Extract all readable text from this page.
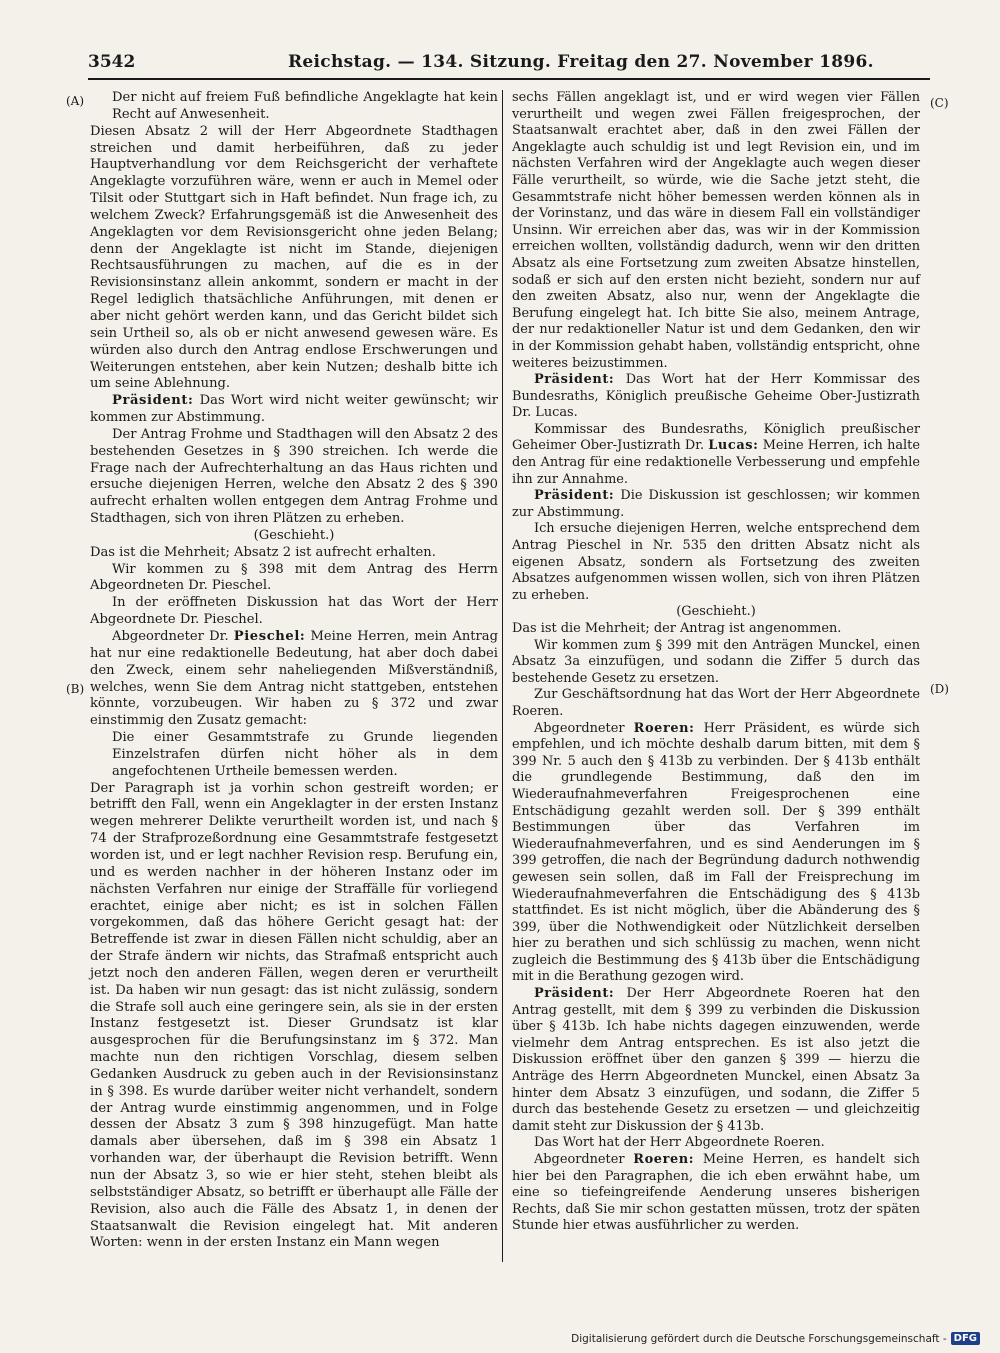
3542	Reichstag. — 134. Sitzung. Freitag den 27. November 1896.
(A)
(B)
(C)
(D)

Der nicht auf freiem Fuß befindliche Angeklagte hat kein Recht auf Anwesenheit.

Diesen Absatz 2 will der Herr Abgeordnete Stadthagen streichen und damit herbeiführen, daß zu jeder Hauptverhandlung vor dem Reichsgericht der verhaftete Angeklagte vorzuführen wäre, wenn er auch in Memel oder Tilsit oder Stuttgart sich in Haft befindet. Nun frage ich, zu welchem Zweck? Erfahrungsgemäß ist die Anwesenheit des Angeklagten vor dem Revisionsgericht ohne jeden Belang; denn der Angeklagte ist nicht im Stande, diejenigen Rechtsausführungen zu machen, auf die es in der Revisionsinstanz allein ankommt, sondern er macht in der Regel lediglich thatsächliche Anführungen, mit denen er aber nicht gehört werden kann, und das Gericht bildet sich sein Urtheil so, als ob er nicht anwesend gewesen wäre. Es würden also durch den Antrag endlose Erschwerungen und Weiterungen entstehen, aber kein Nutzen; deshalb bitte ich um seine Ablehnung.

Präsident: Das Wort wird nicht weiter gewünscht; wir kommen zur Abstimmung.

Der Antrag Frohme und Stadthagen will den Absatz 2 des bestehenden Gesetzes in § 390 streichen. Ich werde die Frage nach der Aufrechterhaltung an das Haus richten und ersuche diejenigen Herren, welche den Absatz 2 des § 390 aufrecht erhalten wollen entgegen dem Antrag Frohme und Stadthagen, sich von ihren Plätzen zu erheben.

(Geschieht.)

Das ist die Mehrheit; Absatz 2 ist aufrecht erhalten.

Wir kommen zu § 398 mit dem Antrag des Herrn Abgeordneten Dr. Pieschel.

In der eröffneten Diskussion hat das Wort der Herr Abgeordnete Dr. Pieschel.

Abgeordneter Dr. Pieschel: Meine Herren, mein Antrag hat nur eine redaktionelle Bedeutung, hat aber doch dabei den Zweck, einem sehr naheliegenden Mißverständniß, welches, wenn Sie dem Antrag nicht stattgeben, entstehen könnte, vorzubeugen. Wir haben zu § 372 und zwar einstimmig den Zusatz gemacht:

Die einer Gesammtstrafe zu Grunde liegenden Einzelstrafen dürfen nicht höher als in dem angefochtenen Urtheile bemessen werden.

Der Paragraph ist ja vorhin schon gestreift worden; er betrifft den Fall, wenn ein Angeklagter in der ersten Instanz wegen mehrerer Delikte verurtheilt worden ist, und nach § 74 der Strafprozeßordnung eine Gesammtstrafe festgesetzt worden ist, und er legt nachher Revision resp. Berufung ein, und es werden nachher in der höheren Instanz oder im nächsten Verfahren nur einige der Straffälle für vorliegend erachtet, einige aber nicht; es ist in solchen Fällen vorgekommen, daß das höhere Gericht gesagt hat: der Betreffende ist zwar in diesen Fällen nicht schuldig, aber an der Strafe ändern wir nichts, das Strafmaß entspricht auch jetzt noch den anderen Fällen, wegen deren er verurtheilt ist. Da haben wir nun gesagt: das ist nicht zulässig, sondern die Strafe soll auch eine geringere sein, als sie in der ersten Instanz festgesetzt ist. Dieser Grundsatz ist klar ausgesprochen für die Berufungsinstanz im § 372. Man machte nun den richtigen Vorschlag, diesem selben Gedanken Ausdruck zu geben auch in der Revisionsinstanz in § 398. Es wurde darüber weiter nicht verhandelt, sondern der Antrag wurde einstimmig angenommen, und in Folge dessen der Absatz 3 zum § 398 hinzugefügt. Man hatte damals aber übersehen, daß im § 398 ein Absatz 1 vorhanden war, der überhaupt die Revision betrifft. Wenn nun der Absatz 3, so wie er hier steht, stehen bleibt als selbstständiger Absatz, so betrifft er überhaupt alle Fälle der Revision, also auch die Fälle des Absatz 1, in denen der Staatsanwalt die Revision eingelegt hat. Mit anderen Worten: wenn in der ersten Instanz ein Mann wegen

sechs Fällen angeklagt ist, und er wird wegen vier Fällen verurtheilt und wegen zwei Fällen freigesprochen, der Staatsanwalt erachtet aber, daß in den zwei Fällen der Angeklagte auch schuldig ist und legt Revision ein, und im nächsten Verfahren wird der Angeklagte auch wegen dieser Fälle verurtheilt, so würde, wie die Sache jetzt steht, die Gesammtstrafe nicht höher bemessen werden können als in der Vorinstanz, und das wäre in diesem Fall ein vollständiger Unsinn. Wir erreichen aber das, was wir in der Kommission erreichen wollten, vollständig dadurch, wenn wir den dritten Absatz als eine Fortsetzung zum zweiten Absatze hinstellen, sodaß er sich auf den ersten nicht bezieht, sondern nur auf den zweiten Absatz, also nur, wenn der Angeklagte die Berufung eingelegt hat. Ich bitte Sie also, meinem Antrage, der nur redaktioneller Natur ist und dem Gedanken, den wir in der Kommission gehabt haben, vollständig entspricht, ohne weiteres beizustimmen.

Präsident: Das Wort hat der Herr Kommissar des Bundesraths, Königlich preußische Geheime Ober-Justizrath Dr. Lucas.

Kommissar des Bundesraths, Königlich preußischer Geheimer Ober-Justizrath Dr. Lucas: Meine Herren, ich halte den Antrag für eine redaktionelle Verbesserung und empfehle ihn zur Annahme.

Präsident: Die Diskussion ist geschlossen; wir kommen zur Abstimmung.

Ich ersuche diejenigen Herren, welche entsprechend dem Antrag Pieschel in Nr. 535 den dritten Absatz nicht als eigenen Absatz, sondern als Fortsetzung des zweiten Absatzes aufgenommen wissen wollen, sich von ihren Plätzen zu erheben.

(Geschieht.)

Das ist die Mehrheit; der Antrag ist angenommen.

Wir kommen zum § 399 mit den Anträgen Munckel, einen Absatz 3a einzufügen, und sodann die Ziffer 5 durch das bestehende Gesetz zu ersetzen.

Zur Geschäftsordnung hat das Wort der Herr Abgeordnete Roeren.

Abgeordneter Roeren: Herr Präsident, es würde sich empfehlen, und ich möchte deshalb darum bitten, mit dem § 399 Nr. 5 auch den § 413b zu verbinden. Der § 413b enthält die grundlegende Bestimmung, daß den im Wiederaufnahmeverfahren Freigesprochenen eine Entschädigung gezahlt werden soll. Der § 399 enthält Bestimmungen über das Verfahren im Wiederaufnahmeverfahren, und es sind Aenderungen im § 399 getroffen, die nach der Begründung dadurch nothwendig gewesen sein sollen, daß im Fall der Freisprechung im Wiederaufnahmeverfahren die Entschädigung des § 413b stattfindet. Es ist nicht möglich, über die Abänderung des § 399, über die Nothwendigkeit oder Nützlichkeit derselben hier zu berathen und sich schlüssig zu machen, wenn nicht zugleich die Bestimmung des § 413b über die Entschädigung mit in die Berathung gezogen wird.

Präsident: Der Herr Abgeordnete Roeren hat den Antrag gestellt, mit dem § 399 zu verbinden die Diskussion über § 413b. Ich habe nichts dagegen einzuwenden, werde vielmehr dem Antrag entsprechen. Es ist also jetzt die Diskussion eröffnet über den ganzen § 399 — hierzu die Anträge des Herrn Abgeordneten Munckel, einen Absatz 3a hinter dem Absatz 3 einzufügen, und sodann, die Ziffer 5 durch das bestehende Gesetz zu ersetzen — und gleichzeitig damit steht zur Diskussion der § 413b.

Das Wort hat der Herr Abgeordnete Roeren.

Abgeordneter Roeren: Meine Herren, es handelt sich hier bei den Paragraphen, die ich eben erwähnt habe, um eine so tiefeingreifende Aenderung unseres bisherigen Rechts, daß Sie mir schon gestatten müssen, trotz der späten Stunde hier etwas ausführlicher zu werden.

Digitalisierung gefördert durch die Deutsche Forschungsgemeinschaft - DFG
